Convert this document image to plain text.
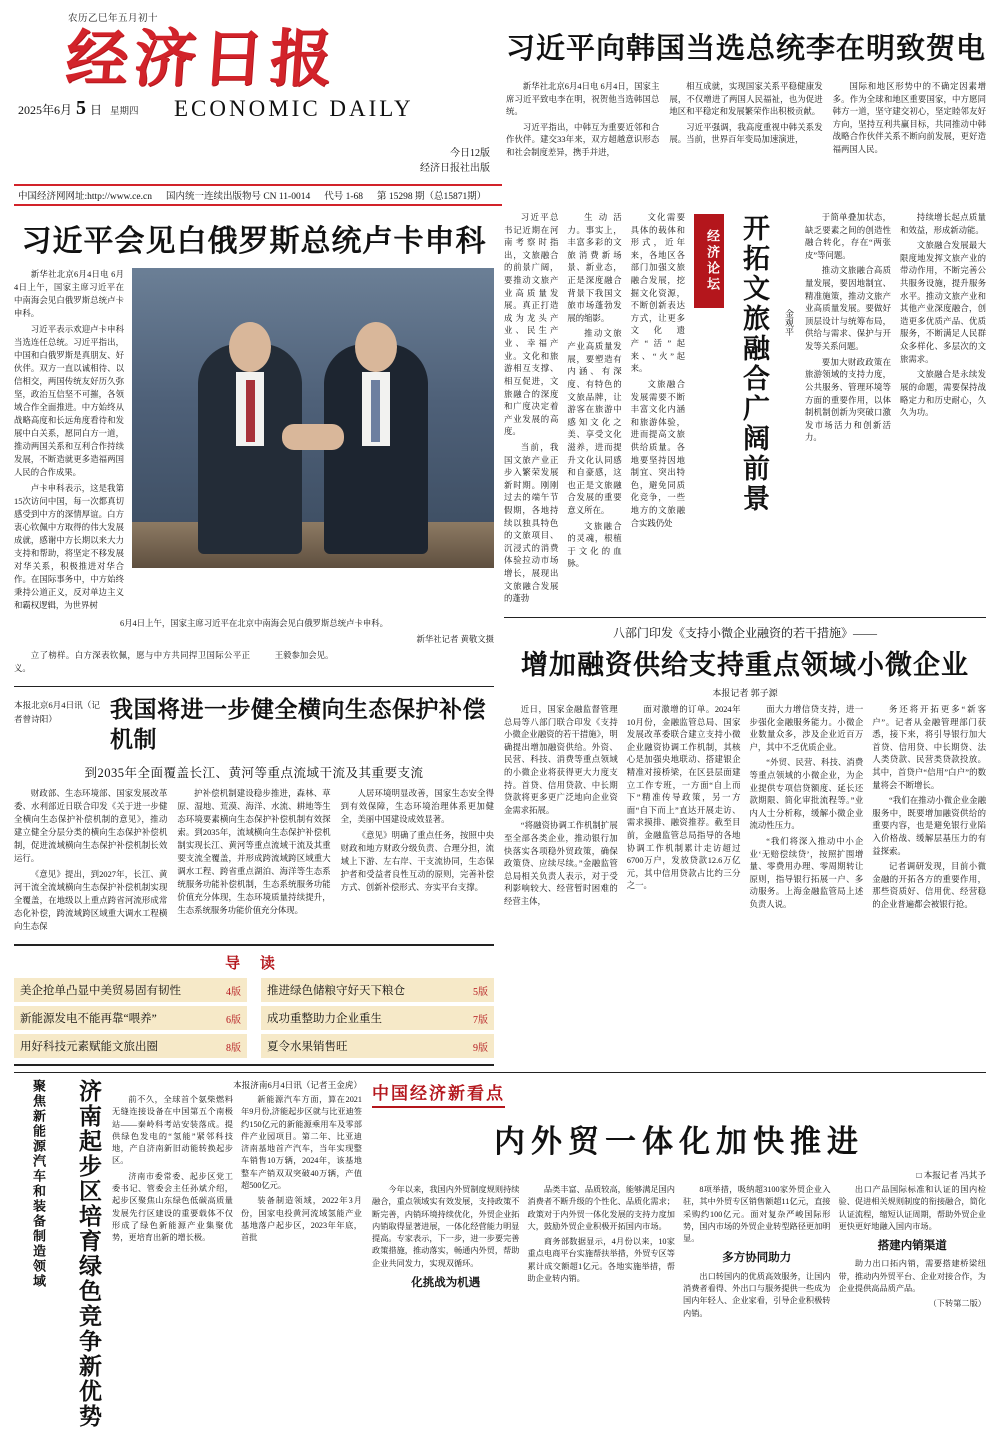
农历乙巳年五月初十
经济日报
2025年6月 5 日 星期四 ECONOMIC DAILY
今日12版
经济日报社出版
习近平向韩国当选总统李在明致贺电

新华社北京6月4日电 6月4日，国家主席习近平致电李在明，祝贺他当选韩国总统。

习近平指出，中韩互为重要近邻和合作伙伴。建交33年来，双方超越意识形态和社会制度差异，携手并进，

相互成就，实现国家关系平稳健康发展，不仅增进了两国人民福祉，也为促进地区和平稳定和发展繁荣作出积极贡献。

习近平强调，我高度重视中韩关系发展。当前，世界百年变局加速演进，

国际和地区形势中的不确定因素增多。作为全球和地区重要国家，中方愿同韩方一道，坚守建交初心，坚定睦邻友好方向，坚持互利共赢目标，共同推动中韩战略合作伙伴关系不断向前发展，更好造福两国人民。

中国经济网网址:http://www.ce.cn 国内统一连续出版物号 CN 11-0014 代号 1-68 第 15298 期（总15871期）
习近平会见白俄罗斯总统卢卡申科

新华社北京6月4日电 6月4日上午，国家主席习近平在中南海会见白俄罗斯总统卢卡申科。

习近平表示欢迎卢卡申科当选连任总统。习近平指出，中国和白俄罗斯是真朋友、好伙伴。双方一直以诚相待、以信相交，两国传统友好历久弥坚，政治互信坚不可摧，各领域合作全面推进。中方始终从战略高度和长远角度看待和发展中白关系，愿同白方一道，推动两国关系和互利合作持续发展，不断造就更多造福两国人民的合作成果。

卢卡申科表示，这是我第15次访问中国，每一次都真切感受到中方的深情厚谊。白方衷心钦佩中方取得的伟大发展成就，感谢中方长期以来大力支持和帮助，将坚定不移发展对华关系，积极推进对华合作。在国际事务中，中方始终秉持公道正义，反对单边主义和霸权逻辑，为世界树

6月4日上午，国家主席习近平在北京中南海会见白俄罗斯总统卢卡申科。
新华社记者 黄敬文摄

立了榜样。白方深表钦佩，愿与中方共同捍卫国际公平正义。

王毅参加会见。

本报北京6月4日讯（记者曾诗阳）	我国将进一步健全横向生态保护补偿机制
到2035年全面覆盖长江、黄河等重点流域干流及其重要支流

财政部、生态环境部、国家发展改革委、水利部近日联合印发《关于进一步健全横向生态保护补偿机制的意见》，推动建立健全分层分类的横向生态保护补偿机制，促进流域横向生态保护补偿机制长效运行。

《意见》提出，到2027年，长江、黄河干流全流域横向生态保护补偿机制实现全覆盖，在地级以上重点跨省河流形成常态化补偿，跨流域跨区域重大调水工程横向生态保

护补偿机制建设稳步推进，森林、草原、湿地、荒漠、海洋、水流、耕地等生态环境要素横向生态保护补偿机制有效探索。到2035年，流域横向生态保护补偿机制实现长江、黄河等重点流域干流及其重要支流全覆盖，并形成跨流域跨区域重大调水工程、跨省重点湖泊、海洋等生态系统服务功能补偿机制，生态系统服务功能价值充分体现，生态环境质量持续提升，生态系统服务功能价值充分体现。

人居环境明显改善，国家生态安全得到有效保障，生态环境治理体系更加健全，美丽中国建设成效显著。

《意见》明确了重点任务，按照中央财政和地方财政分级负责、合理分担，流域上下游、左右岸、干支流协同，生态保护者和受益者良性互动的原则，完善补偿方式、创新补偿形式、夯实平台支撑。

导 读
美企抢单凸显中美贸易固有韧性	4版 推进绿色储粮守好天下粮仓	5版
新能源发电不能再靠“喂养”	6版 成功重整助力企业重生	7版
用好科技元素赋能文旅出圈	8版 夏令水果销售旺	9版

习近平总书记近期在河南考察时指出，文旅融合的前景广阔，要推动文旅产业高质量发展。真正打造成为龙头产业、民生产业、幸福产业。文化和旅游相互支撑、相互促进，文旅融合的深度和广度决定着产业发展的高度。

当前，我国文旅产业正步入繁荣发展新时期。刚刚过去的端午节假期，各地持续以独具特色的文旅项目、沉浸式的消费体验拉动市场增长，展现出文旅融合发展的蓬勃

生动活力。事实上，丰富多彩的文旅消费新场景、新业态，正是深度融合背景下我国文旅市场蓬勃发展的缩影。

推动文旅产业高质量发展，要塑造有内涵、有深度、有特色的文旅品牌，让游客在旅游中感知文化之美、享受文化滋养，进而提升文化认同感和自豪感，这也正是文旅融合发展的重要意义所在。

文旅融合的灵魂，根植于文化的血脉。

文化需要具体的载体和形式，近年来，各地区各部门加强文旅融合发展，挖掘文化资源，不断创新表达方式，让更多文化遗产“活”起来、“火”起来。

文旅融合发展需要不断丰富文化内涵和旅游体验，进而提高文旅供给质量。各地要坚持因地制宜、突出特色，避免同质化竞争，一些地方的文旅融合实践仍处

经济论坛 开拓文旅融合广阔前景	金观平

于简单叠加状态，缺乏要素之间的创造性融合转化，存在“两张皮”等问题。

推动文旅融合高质量发展，要因地制宜、精准施策，推动文旅产业高质量发展。要做好顶层设计与统筹布局，供给与需求、保护与开发等关系问题。

要加大财政政策在旅游领域的支持力度，公共服务、管理环境等方面的重要作用，以体制机制创新为突破口激发市场活力和创新活力。

持续增长起点质量和效益，形成新动能。

文旅融合发展最大限度地发挥文旅产业的带动作用，不断完善公共服务设施，提升服务水平。推动文旅产业和其他产业深度融合，创造更多优质产品、优质服务，不断满足人民群众多样化、多层次的文旅需求。

文旅融合是永续发展的命题，需要保持战略定力和历史耐心，久久为功。

八部门印发《支持小微企业融资的若干措施》——
增加融资供给支持重点领域小微企业
本报记者 郭子源

近日，国家金融监督管理总局等八部门联合印发《支持小微企业融资的若干措施》，明确提出增加融资供给。外资、民营、科技、消费等重点领域的小微企业将获得更大力度支持。首贷、信用贷款、中长期贷款将更多更广泛地向企业资金需求拓展。

“将融资协调工作机制扩展至全部各类企业，推动银行加快落实各项稳外贸政策，确保政策贷、应续尽续。”金融监管总局相关负责人表示，对于受利影响较大、经营暂时困难的经营主体，

面对激增的订单。2024年10月份，金融监管总局、国家发展改革委联合建立支持小微企业融资协调工作机制，其核心是加强央地联动、搭建银企精准对接桥梁，在区县层面建立工作专班，一方面“自上而下”精准传导政策，另一方面“自下而上”直达开展走访、需求摸排、融资推荐。截至目前，金融监管总局指导的各地协调工作机制累计走访超过6700万户，发放贷款12.6万亿元，其中信用贷款占比约三分之一。

面大力增信贷支持，进一步强化金融服务能力。小微企业数量众多，涉及企业近百万户，其中不乏优质企业。

“外贸、民营、科技、消费等重点领域的小微企业，为企业提供专项信贷额度、延长还款期限、简化审批流程等。”业内人士分析称，缓解小微企业流动性压力。

“我们将深入推动中小企业‘无赔偿续贷’，按照扩围增量、零费用办理、零周期转让原则，指导银行拓展一户、多动服务。上海金融监管局上述负责人说。

务还将开拓更多“新客户”。记者从金融管理部门获悉，接下来，将引导银行加大首贷、信用贷、中长期贷、法人类贷款、民营类贷款投放。其中，首贷户“信用”白户”的数量将会不断增长。

“我们在推动小微企业金融服务中，既要增加融资供给的重要内容，也是避免银行业陷入价格战、缓解层基压力的有益探索。

记者调研发现，目前小微金融的开拓各方的重要作用，那些资质好、信用优、经营稳的企业普遍都会被银行抢。

聚焦新能源汽车和装备制造领域	济南起步区培育绿色竞争新优势	本报济南6月4日讯（记者王金虎）

前不久，全球首个氨柴燃料无缝连接设备在中国第五个南极站——秦岭科考站安装落成。提供绿色发电的“氢能”紧邻科技地，产自济南新旧动能转换起步区。

济南市委常委、起步区党工委书记、管委会主任孙斌介绍，起步区聚焦山东绿色低碳高质量发展先行区建设的重要载体不仅形成了绿色新能源产业集聚优势，更培育出新的增长极。

新能源汽车方面，算在2021年9月份,济能起步区就与比亚迪签约150亿元的新能源乘用车及零部件产业园项目。第二年、比亚迪济南基地首产汽车，当年实现整车销售10万辆，2024年，该基地整车产销双双突破40万辆，产值超500亿元。

装备制造领域，2022年3月份，国家电投黄河流域氢能产业基地落户起步区，2023年年底，首批

中国经济新看点
内外贸一体化加快推进
□ 本报记者 冯其予

今年以来，我国内外贸制度规则持续融合，重点领域实有效发展，支持政策不断完善，内销环境持续优化，外贸企业拓内销取得显著进展，一体化经营能力明显提高。专家表示，下一步，进一步要完善政策措施，推动落实，畅通内外贸，帮助企业共同发力，实现双循环。

化挑战为机遇

品类丰富、品质较高，能够满足国内消费者不断升级的个性化、品质化需求；政策对于内外贸一体化发展的支持力度加大，鼓励外贸企业积极开拓国内市场。

商务部数据显示，4月份以来，10家重点电商平台实施帮扶举措，外贸专区等累计成交额超1亿元。各地实施举措，帮助企业转内销。

8项举措，吸纳超3100家外贸企业入驻，其中外贸专区销售额超11亿元，直接采购约100亿元。面对复杂严峻国际形势，国内市场的外贸企业转型路径更加明显。

多方协同助力

出口转国内的优质高效服务，让国内消费者看得、外出口与服务提供一些成为国内年轻人、企业家看，引导企业积极转内销。

出口产品国际标准和认证的国内检验、促进相关规则制度的衔接融合，简化认证流程，缩短认证周期，帮助外贸企业更快更好地融入国内市场。

搭建内销渠道

助力出口拓内销，需要搭建桥梁纽带，推动内外贸平台、企业对接合作，为企业提供高品质产品。

（下转第二版）
